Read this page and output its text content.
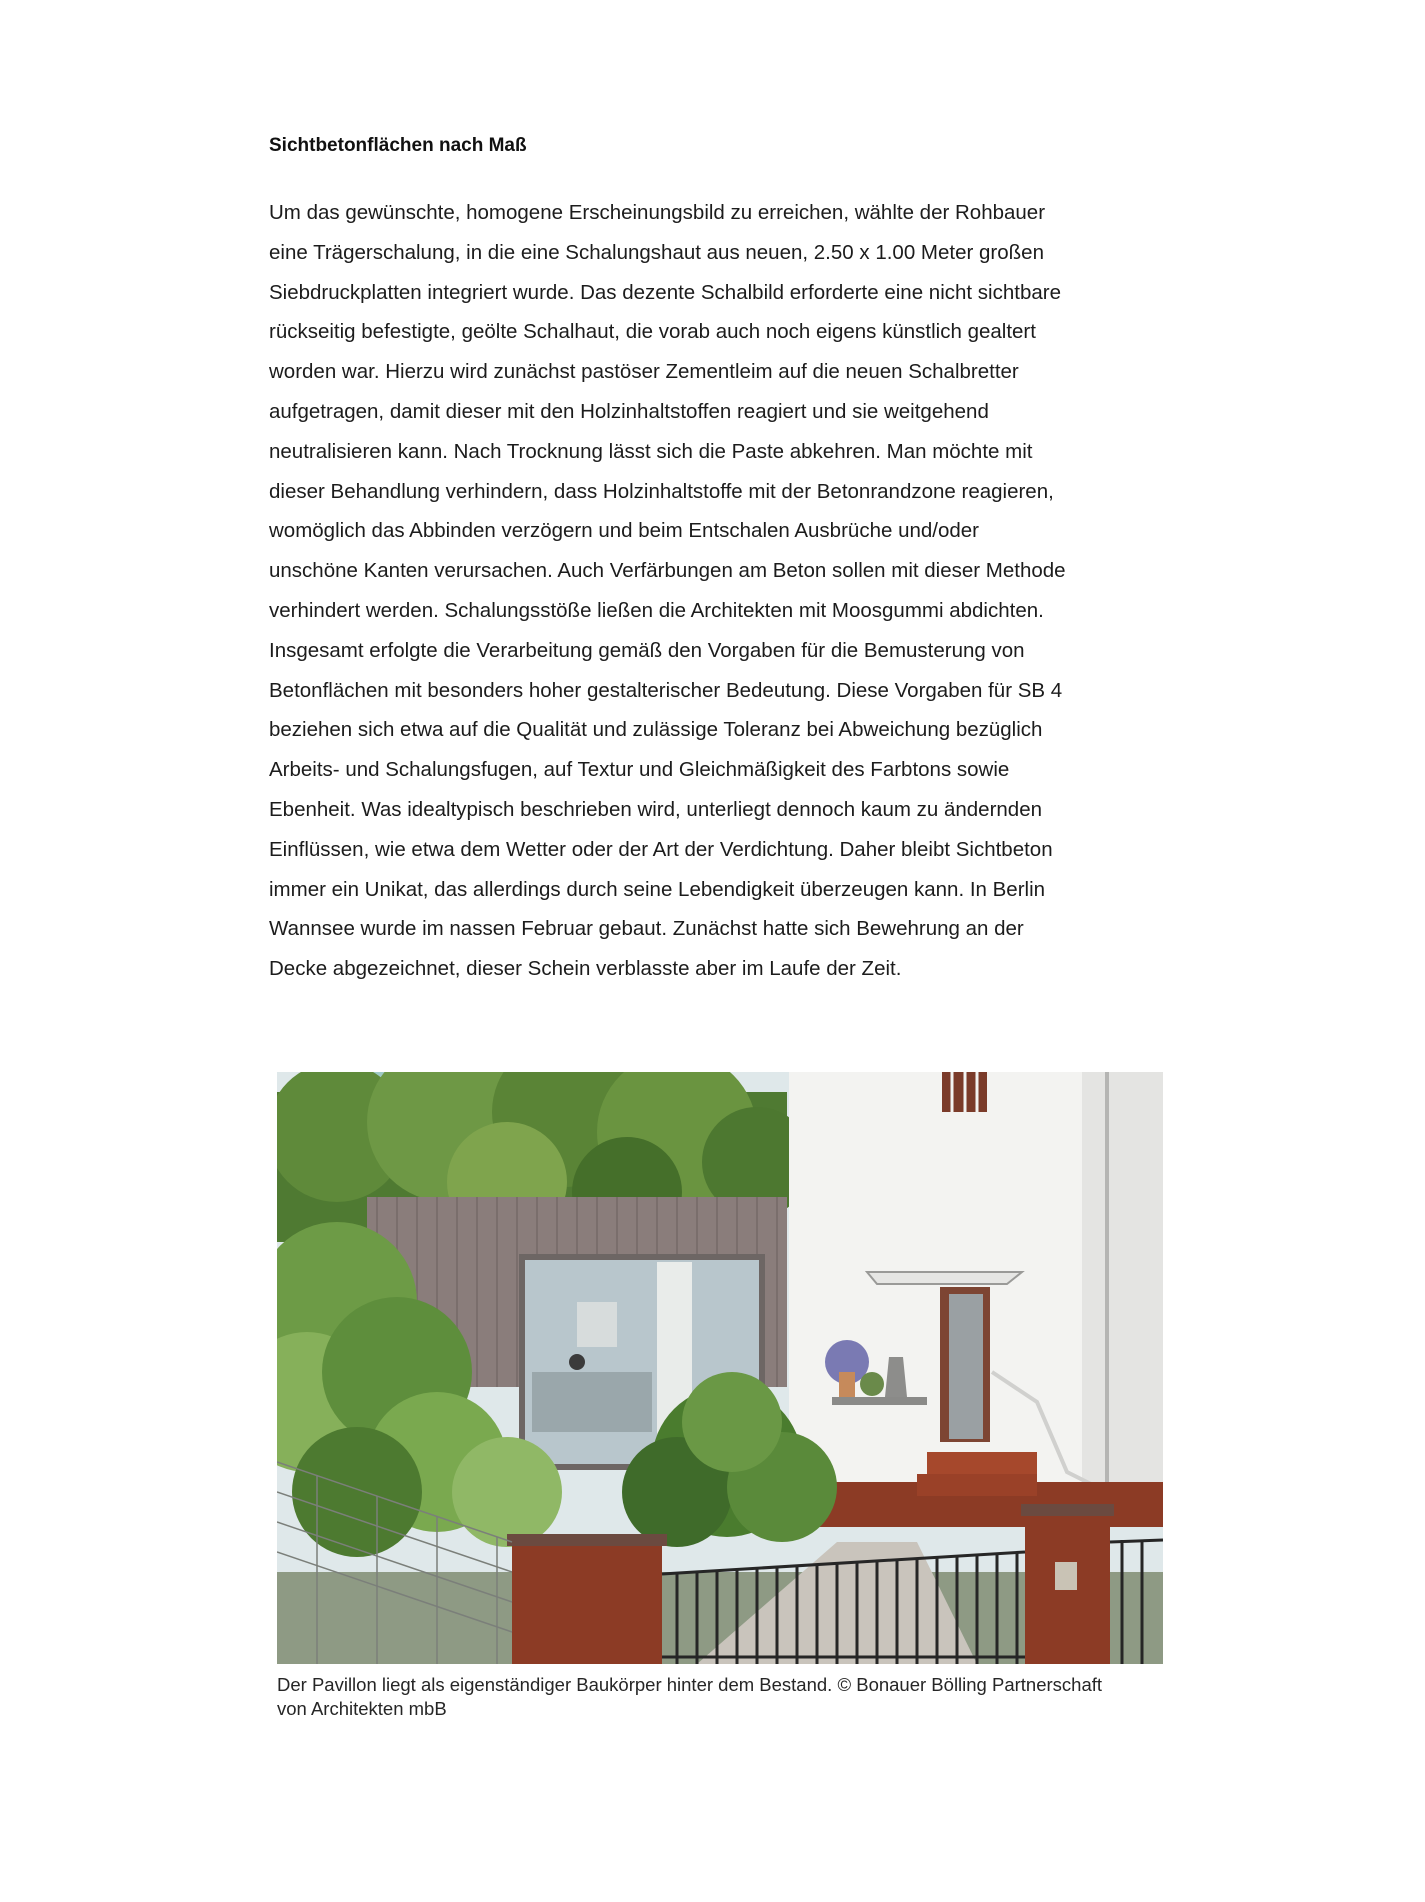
Sichtbetonflächen nach Maß
Um das gewünschte, homogene Erscheinungsbild zu erreichen, wählte der Rohbauer
eine Trägerschalung, in die eine Schalungshaut aus neuen, 2.50 x 1.00 Meter großen
Siebdruckplatten integriert wurde. Das dezente Schalbild erforderte eine nicht sichtbare
rückseitig befestigte, geölte Schalhaut, die vorab auch noch eigens künstlich gealtert
worden war. Hierzu wird zunächst pastöser Zementleim auf die neuen Schalbretter
aufgetragen, damit dieser mit den Holzinhaltstoffen reagiert und sie weitgehend
neutralisieren kann. Nach Trocknung lässt sich die Paste abkehren. Man möchte mit
dieser Behandlung verhindern, dass Holzinhaltstoffe mit der Betonrandzone reagieren,
womöglich das Abbinden verzögern und beim Entschalen Ausbrüche und/oder
unschöne Kanten verursachen. Auch Verfärbungen am Beton sollen mit dieser Methode
verhindert werden. Schalungsstöße ließen die Architekten mit Moosgummi abdichten.
Insgesamt erfolgte die Verarbeitung gemäß den Vorgaben für die Bemusterung von
Betonflächen mit besonders hoher gestalterischer Bedeutung. Diese Vorgaben für SB 4
beziehen sich etwa auf die Qualität und zulässige Toleranz bei Abweichung bezüglich
Arbeits- und Schalungsfugen, auf Textur und Gleichmäßigkeit des Farbtons sowie
Ebenheit. Was idealtypisch beschrieben wird, unterliegt dennoch kaum zu ändernden
Einflüssen, wie etwa dem Wetter oder der Art der Verdichtung. Daher bleibt Sichtbeton
immer ein Unikat, das allerdings durch seine Lebendigkeit überzeugen kann. In Berlin
Wannsee wurde im nassen Februar gebaut. Zunächst hatte sich Bewehrung an der
Decke abgezeichnet, dieser Schein verblasste aber im Laufe der Zeit.
Der Pavillon liegt als eigenständiger Baukörper hinter dem Bestand. © Bonauer Bölling Partnerschaft
von Architekten mbB
